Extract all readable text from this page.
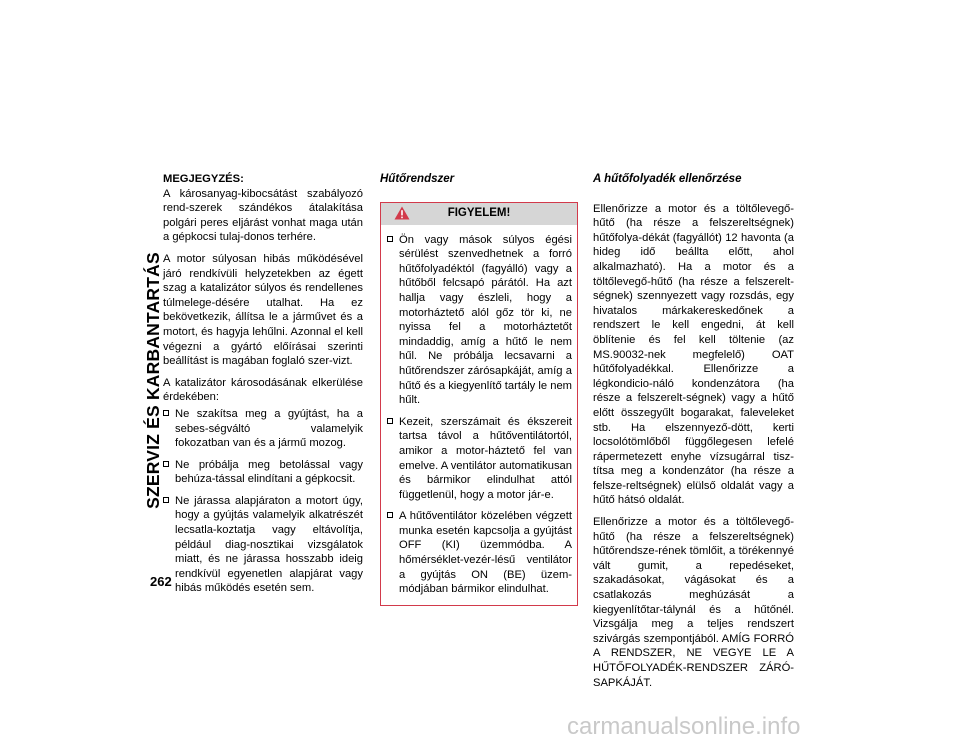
SZERVIZ ÉS KARBANTARTÁS
262

MEGJEGYZÉS:

A károsanyag-kibocsátást szabályozó rend-szerek szándékos átalakítása polgári peres eljárást vonhat maga után a gépkocsi tulaj-donos terhére.

A motor súlyosan hibás működésével járó rendkívüli helyzetekben az égett szag a katalizátor súlyos és rendellenes túlmelege-désére utalhat. Ha ez bekövetkezik, állítsa le a járművet és a motort, és hagyja lehűlni. Azonnal el kell végezni a gyártó előírásai szerinti beállítást is magában foglaló szer-vizt.

A katalizátor károsodásának elkerülése érdekében:

Ne szakítsa meg a gyújtást, ha a sebes-ségváltó valamelyik fokozatban van és a jármű mozog.
Ne próbálja meg betolással vagy behúza-tással elindítani a gépkocsit.
Ne járassa alapjáraton a motort úgy, hogy a gyújtás valamelyik alkatrészét lecsatla-koztatja vagy eltávolítja, például diag-nosztikai vizsgálatok miatt, és ne járassa hosszabb ideig rendkívül egyenetlen alapjárat vagy hibás működés esetén sem.

Hűtőrendszer

FIGYELEM!
Ön vagy mások súlyos égési sérülést szenvedhetnek a forró hűtőfolyadéktól (fagyálló) vagy a hűtőből felcsapó párától. Ha azt hallja vagy észleli, hogy a motorháztető alól gőz tör ki, ne nyissa fel a motorháztetőt mindaddig, amíg a hűtő le nem hűl. Ne próbálja lecsavarni a hűtőrendszer zárósapkáját, amíg a hűtő és a kiegyenlítő tartály le nem hűlt.
Kezeit, szerszámait és ékszereit tartsa távol a hűtőventilátortól, amikor a motor-háztető fel van emelve. A ventilátor automatikusan és bármikor elindulhat attól függetlenül, hogy a motor jár-e.
A hűtőventilátor közelében végzett munka esetén kapcsolja a gyújtást OFF (KI) üzemmódba. A hőmérséklet-vezér-lésű ventilátor a gyújtás ON (BE) üzem-módjában bármikor elindulhat.

A hűtőfolyadék ellenőrzése

Ellenőrizze a motor és a töltőlevegő-hűtő (ha része a felszereltségnek) hűtőfolya-dékát (fagyállót) 12 havonta (a hideg idő beállta előtt, ahol alkalmazható). Ha a motor és a töltőlevegő-hűtő (ha része a felszerelt-ségnek) szennyezett vagy rozsdás, egy hivatalos márkakereskedőnek a rendszert le kell engedni, át kell öblítenie és fel kell töltenie (az MS.90032-nek megfelelő) OAT hűtőfolyadékkal. Ellenőrizze a légkondicio-náló kondenzátora (ha része a felszerelt-ségnek) vagy a hűtő előtt összegyűlt bogarakat, faleveleket stb. Ha elszennyező-dött, kerti locsolótömlőből függőlegesen lefelé rápermetezett enyhe vízsugárral tisz-títsa meg a kondenzátor (ha része a felsze-reltségnek) elülső oldalát vagy a hűtő hátsó oldalát.

Ellenőrizze a motor és a töltőlevegő-hűtő (ha része a felszereltségnek) hűtőrendsze-rének tömlőit, a törékennyé vált gumit, a repedéseket, szakadásokat, vágásokat és a csatlakozás meghúzását a kiegyenlítőtar-tálynál és a hűtőnél. Vizsgálja meg a teljes rendszert szivárgás szempontjából. AMÍG FORRÓ A RENDSZER, NE VEGYE LE A HŰTŐFOLYADÉK-RENDSZER ZÁRÓ-SAPKÁJÁT.

carmanualsonline.info
